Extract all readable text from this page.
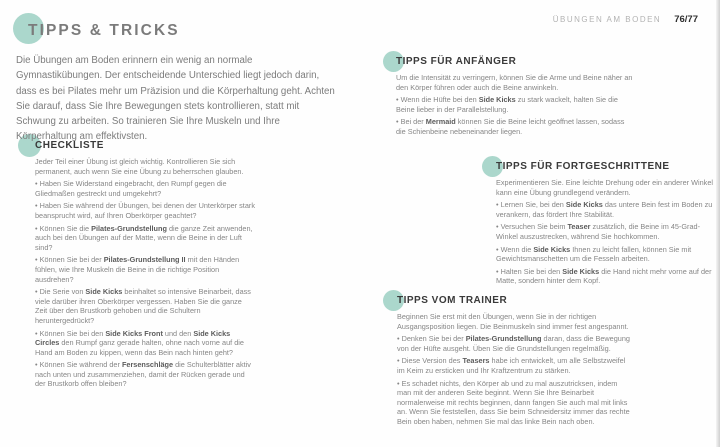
TIPPS & TRICKS
ÜBUNGEN AM BODEN 76/77
Die Übungen am Boden erinnern ein wenig an normale Gymnastikübungen. Der entscheidende Unterschied liegt jedoch darin, dass es bei Pilates mehr um Präzision und die Körperhaltung geht. Achten Sie darauf, dass Sie Ihre Bewegungen stets kontrollieren, statt mit Schwung zu arbeiten. So trainieren Sie Ihre Muskeln und Ihre Körperhaltung am effektivsten.
CHECKLISTE

Jeder Teil einer Übung ist gleich wichtig. Kontrollieren Sie sich permanent, auch wenn Sie eine Übung zu beherrschen glauben.

• Haben Sie Widerstand eingebracht, den Rumpf gegen die Gliedmaßen gestreckt und umgekehrt?

• Haben Sie während der Übungen, bei denen der Unterkörper stark beansprucht wird, auf Ihren Oberkörper geachtet?

• Können Sie die Pilates-Grundstellung die ganze Zeit anwenden, auch bei den Übungen auf der Matte, wenn die Beine in der Luft sind?

• Können Sie bei der Pilates-Grundstellung II mit den Händen fühlen, wie Ihre Muskeln die Beine in die richtige Position ausdrehen?

• Die Serie von Side Kicks beinhaltet so intensive Beinarbeit, dass viele darüber ihren Oberkörper vergessen. Haben Sie die ganze Zeit über den Brustkorb gehoben und die Schultern heruntergedrückt?

• Können Sie bei den Side Kicks Front und den Side Kicks Circles den Rumpf ganz gerade halten, ohne nach vorne auf die Hand am Boden zu kippen, wenn das Bein nach hinten geht?

• Können Sie während der Fersenschläge die Schulterblätter aktiv nach unten und zusammenziehen, damit der Rücken gerade und der Brustkorb offen bleiben?

TIPPS FÜR ANFÄNGER

Um die Intensität zu verringern, können Sie die Arme und Beine näher an den Körper führen oder auch die Beine anwinkeln.

• Wenn die Hüfte bei den Side Kicks zu stark wackelt, halten Sie die Beine lieber in der Parallelstellung.

• Bei der Mermaid können Sie die Beine leicht geöffnet lassen, sodass die Schienbeine nebeneinander liegen.

TIPPS FÜR FORTGESCHRITTENE

Experimentieren Sie. Eine leichte Drehung oder ein anderer Winkel kann eine Übung grundlegend verändern.

• Lernen Sie, bei den Side Kicks das untere Bein fest im Boden zu verankern, das fördert Ihre Stabilität.

• Versuchen Sie beim Teaser zusätzlich, die Beine im 45-Grad-Winkel auszustrecken, während Sie hochkommen.

• Wenn die Side Kicks Ihnen zu leicht fallen, können Sie mit Gewichtsmanschetten um die Fesseln arbeiten.

• Halten Sie bei den Side Kicks die Hand nicht mehr vorne auf der Matte, sondern hinter dem Kopf.

TIPPS VOM TRAINER

Beginnen Sie erst mit den Übungen, wenn Sie in der richtigen Ausgangsposition liegen. Die Beinmuskeln sind immer fest angespannt.

• Denken Sie bei der Pilates-Grundstellung daran, dass die Bewegung von der Hüfte ausgeht. Üben Sie die Grundstellungen regelmäßig.

• Diese Version des Teasers habe ich entwickelt, um alle Selbstzweifel im Keim zu ersticken und Ihr Kraftzentrum zu stärken.

• Es schadet nichts, den Körper ab und zu mal auszutricksen, indem man mit der anderen Seite beginnt. Wenn Sie Ihre Beinarbeit normalerweise mit rechts beginnen, dann fangen Sie auch mal mit links an. Wenn Sie feststellen, dass Sie beim Schneidersitz immer das rechte Bein oben haben, nehmen Sie mal das linke Bein nach oben.
